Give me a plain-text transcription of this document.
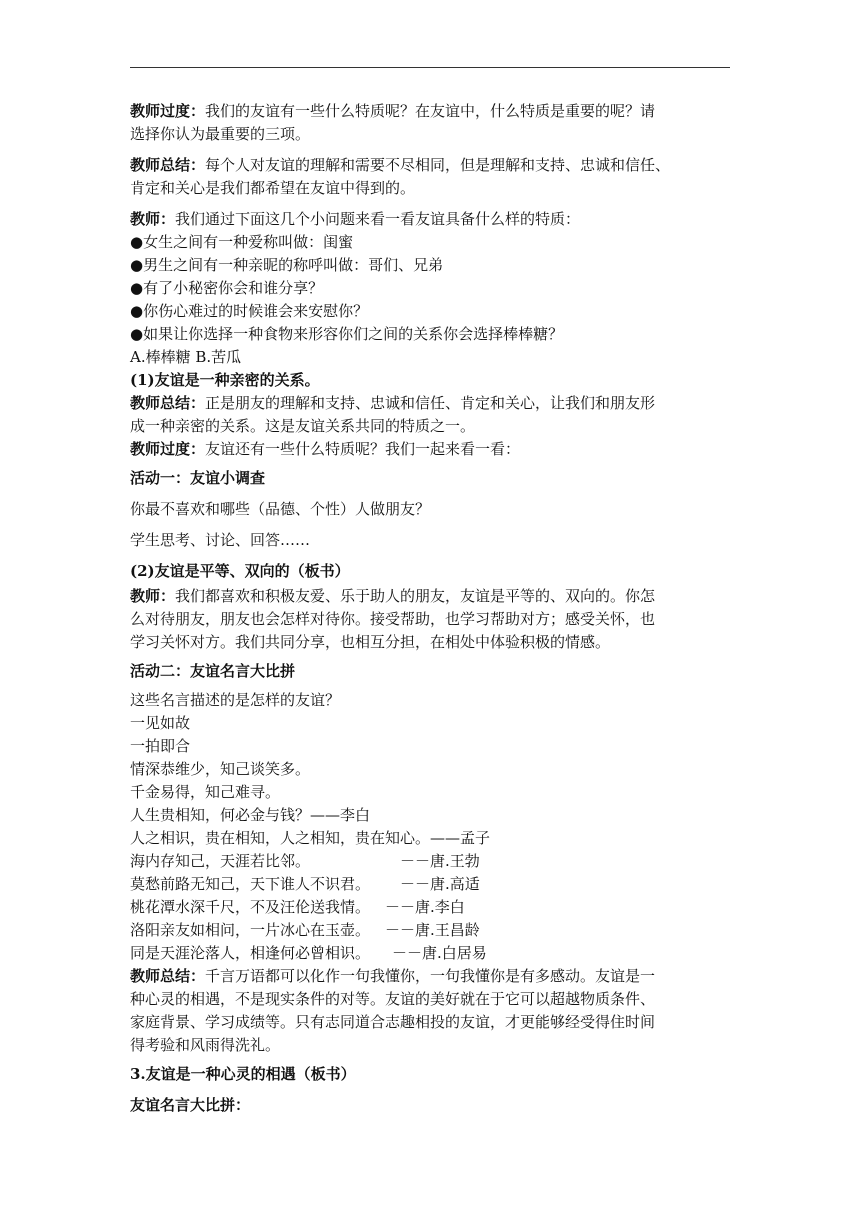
教师过度：我们的友谊有一些什么特质呢？在友谊中，什么特质是重要的呢？请

选择你认为最重要的三项。

教师总结：每个人对友谊的理解和需要不尽相同，但是理解和支持、忠诚和信任、

肯定和关心是我们都希望在友谊中得到的。

教师：我们通过下面这几个小问题来看一看友谊具备什么样的特质：

●女生之间有一种爱称叫做：闺蜜

●男生之间有一种亲昵的称呼叫做：哥们、兄弟

●有了小秘密你会和谁分享？

●你伤心难过的时候谁会来安慰你？

●如果让你选择一种食物来形容你们之间的关系你会选择棒棒糖？

A.棒棒糖 B.苦瓜

(1)友谊是一种亲密的关系。

教师总结：正是朋友的理解和支持、忠诚和信任、肯定和关心，让我们和朋友形

成一种亲密的关系。这是友谊关系共同的特质之一。

教师过度：友谊还有一些什么特质呢？我们一起来看一看：

活动一：友谊小调查

你最不喜欢和哪些（品德、个性）人做朋友？

学生思考、讨论、回答……

(2)友谊是平等、双向的（板书）

教师：我们都喜欢和积极友爱、乐于助人的朋友，友谊是平等的、双向的。你怎

么对待朋友，朋友也会怎样对待你。接受帮助，也学习帮助对方；感受关怀，也

学习关怀对方。我们共同分享，也相互分担，在相处中体验积极的情感。

活动二：友谊名言大比拼

这些名言描述的是怎样的友谊？

一见如故

一拍即合

情深恭维少，知己谈笑多。

千金易得，知己难寻。

人生贵相知，何必金与钱？——李白

人之相识，贵在相知，人之相知，贵在知心。——孟子

海内存知己，天涯若比邻。	－－唐.王勃

莫愁前路无知己，天下谁人不识君。 －－唐.高适

桃花潭水深千尺，不及汪伦送我情。 －－唐.李白

洛阳亲友如相问，一片冰心在玉壶。 －－唐.王昌龄

同是天涯沦落人，相逢何必曾相识。 －－唐.白居易

教师总结：千言万语都可以化作一句我懂你，一句我懂你是有多感动。友谊是一

种心灵的相遇，不是现实条件的对等。友谊的美好就在于它可以超越物质条件、

家庭背景、学习成绩等。只有志同道合志趣相投的友谊，才更能够经受得住时间

得考验和风雨得洗礼。

3.友谊是一种心灵的相遇（板书）

友谊名言大比拼：
